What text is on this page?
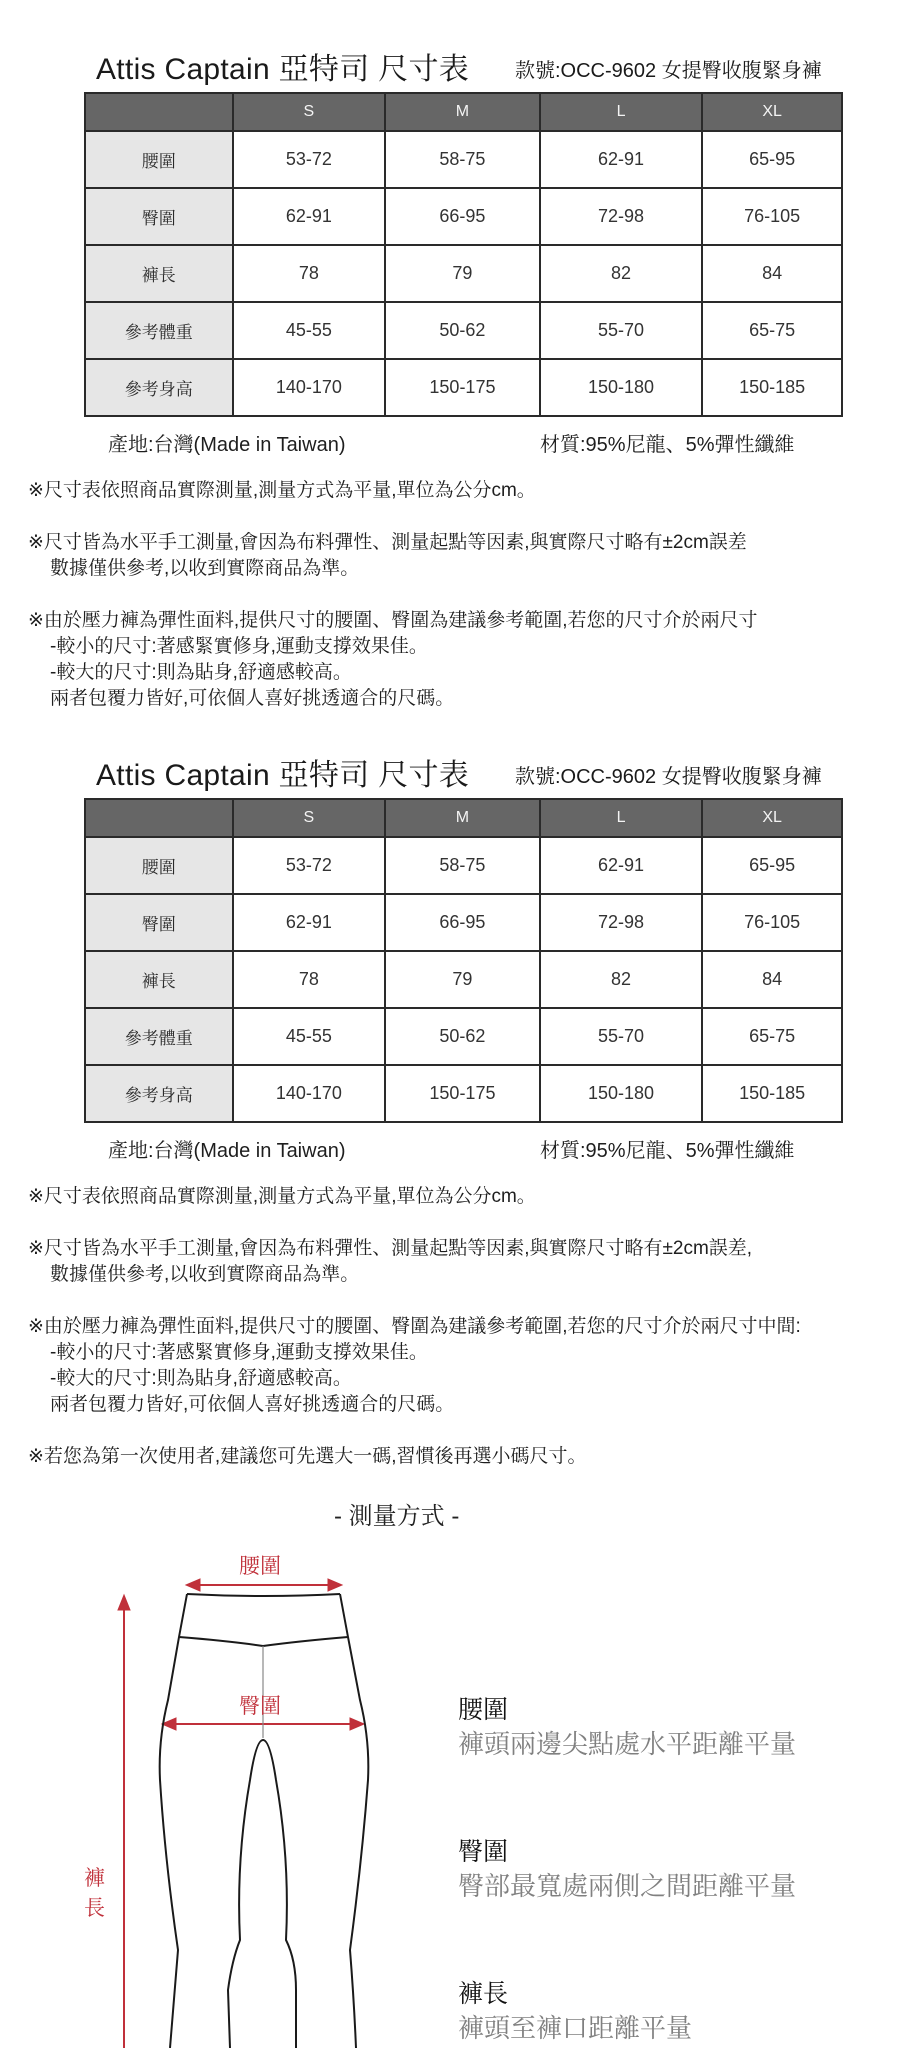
Attis Captain 亞特司 尺寸表 款號:OCC-9602 女提臀收腹緊身褲
	S	M	L	XL
腰圍	53-72	58-75	62-91	65-95
臀圍	62-91	66-95	72-98	76-105
褲長	78	79	82	84
參考體重	45-55	50-62	55-70	65-75
參考身高	140-170	150-175	150-180	150-185
產地:台灣(Made in Taiwan)	材質:95%尼龍、5%彈性纖維
※尺寸表依照商品實際測量,測量方式為平量,單位為公分cm。
※尺寸皆為水平手工測量,會因為布料彈性、測量起點等因素,與實際尺寸略有±2cm誤差
數據僅供參考,以收到實際商品為準。
※由於壓力褲為彈性面料,提供尺寸的腰圍、臀圍為建議參考範圍,若您的尺寸介於兩尺寸
-較小的尺寸:著感緊實修身,運動支撐效果佳。
-較大的尺寸:則為貼身,舒適感較高。
兩者包覆力皆好,可依個人喜好挑透適合的尺碼。
Attis Captain 亞特司 尺寸表 款號:OCC-9602 女提臀收腹緊身褲
	S	M	L	XL
腰圍	53-72	58-75	62-91	65-95
臀圍	62-91	66-95	72-98	76-105
褲長	78	79	82	84
參考體重	45-55	50-62	55-70	65-75
參考身高	140-170	150-175	150-180	150-185
產地:台灣(Made in Taiwan)	材質:95%尼龍、5%彈性纖維
※尺寸表依照商品實際測量,測量方式為平量,單位為公分cm。
※尺寸皆為水平手工測量,會因為布料彈性、測量起點等因素,與實際尺寸略有±2cm誤差,
數據僅供參考,以收到實際商品為準。
※由於壓力褲為彈性面料,提供尺寸的腰圍、臀圍為建議參考範圍,若您的尺寸介於兩尺寸中間:
-較小的尺寸:著感緊實修身,運動支撐效果佳。
-較大的尺寸:則為貼身,舒適感較高。
兩者包覆力皆好,可依個人喜好挑透適合的尺碼。
※若您為第一次使用者,建議您可先選大一碼,習慣後再選小碼尺寸。
- 測量方式 -
腰圍
臀圍
褲
長
腰圍
褲頭兩邊尖點處水平距離平量
臀圍
臀部最寬處兩側之間距離平量
褲長
褲頭至褲口距離平量
